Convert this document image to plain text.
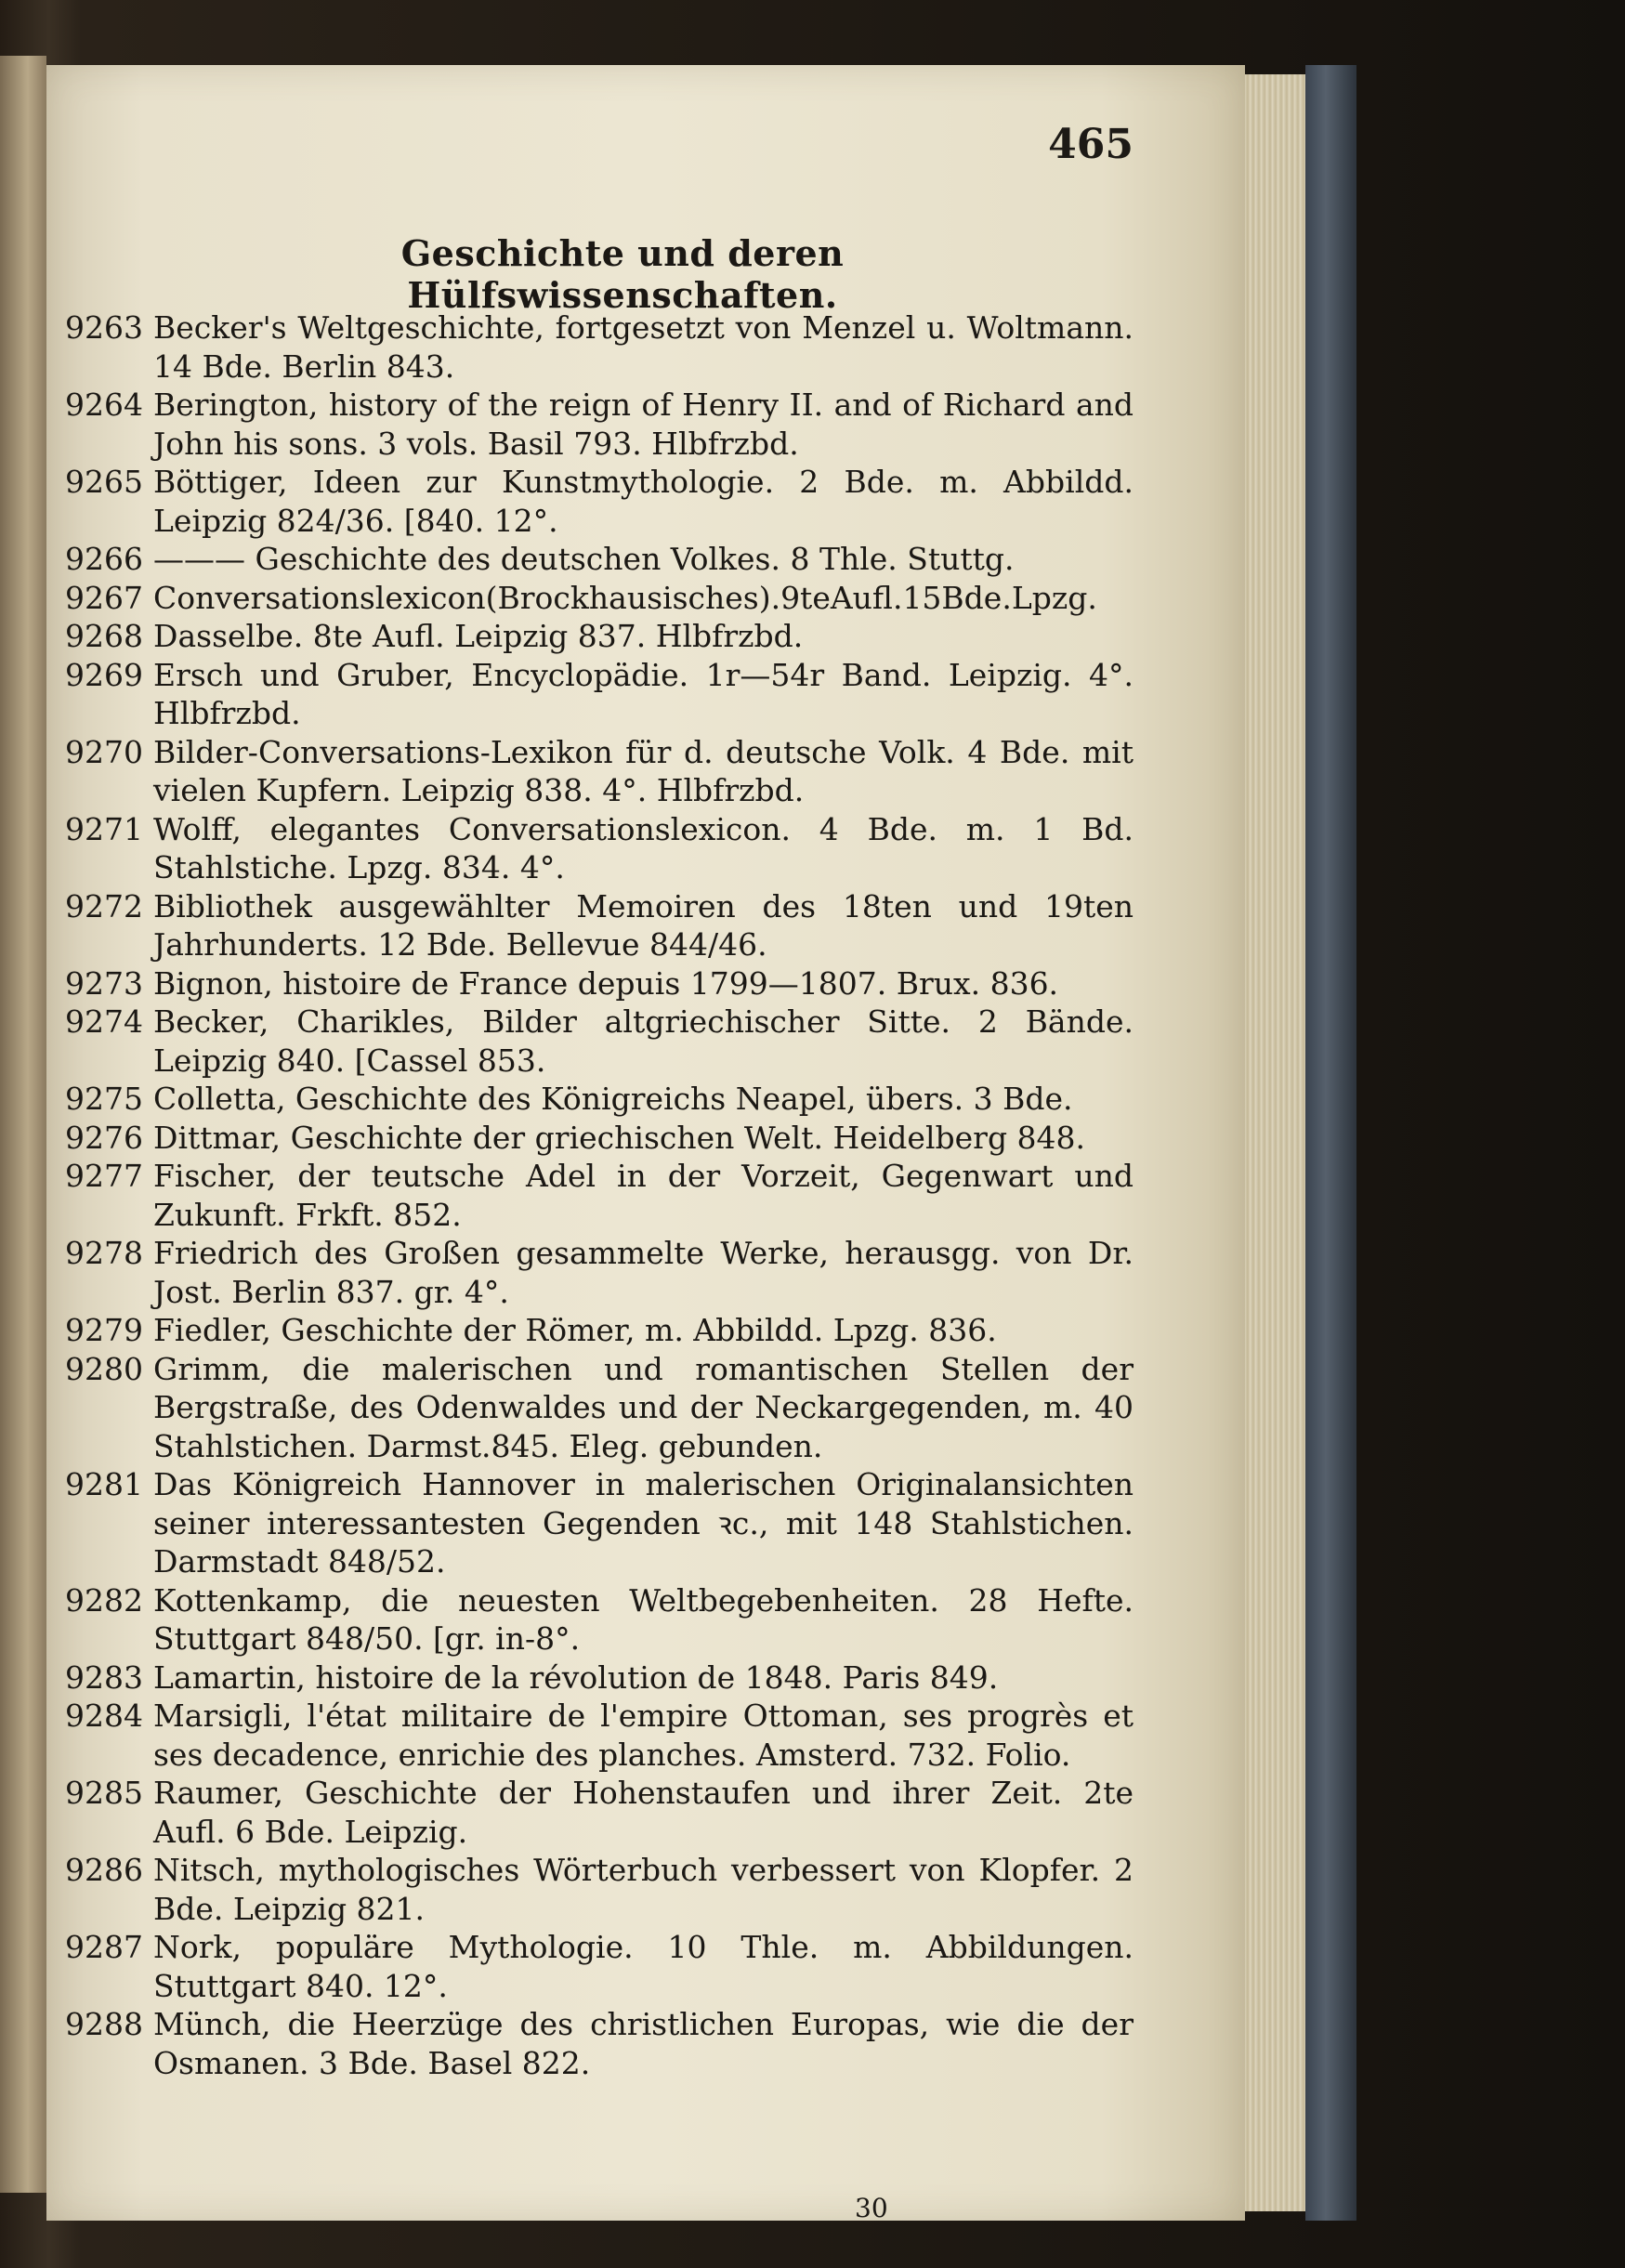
465
Geschichte und deren Hülfswissenschaften.
9263 Becker's Weltgeschichte, fortgesetzt von Menzel u. Woltmann. 14 Bde. Berlin 843.
9264 Berington, history of the reign of Henry II. and of Richard and John his sons. 3 vols. Basil 793. Hlbfrzbd.
9265 Böttiger, Ideen zur Kunstmythologie. 2 Bde. m. Abbildd. Leipzig 824/36. [840. 12°.
9266 ——— Geschichte des deutschen Volkes. 8 Thle. Stuttg.
9267 Conversationslexicon(Brockhausisches).9teAufl.15Bde.Lpzg.
9268 Dasselbe. 8te Aufl. Leipzig 837. Hlbfrzbd.
9269 Ersch und Gruber, Encyclopädie. 1r—54r Band. Leipzig. 4°. Hlbfrzbd.
9270 Bilder-Conversations-Lexikon für d. deutsche Volk. 4 Bde. mit vielen Kupfern. Leipzig 838. 4°. Hlbfrzbd.
9271 Wolff, elegantes Conversationslexicon. 4 Bde. m. 1 Bd. Stahlstiche. Lpzg. 834. 4°.
9272 Bibliothek ausgewählter Memoiren des 18ten und 19ten Jahrhunderts. 12 Bde. Bellevue 844/46.
9273 Bignon, histoire de France depuis 1799—1807. Brux. 836.
9274 Becker, Charikles, Bilder altgriechischer Sitte. 2 Bände. Leipzig 840. [Cassel 853.
9275 Colletta, Geschichte des Königreichs Neapel, übers. 3 Bde.
9276 Dittmar, Geschichte der griechischen Welt. Heidelberg 848.
9277 Fischer, der teutsche Adel in der Vorzeit, Gegenwart und Zukunft. Frkft. 852.
9278 Friedrich des Großen gesammelte Werke, herausgg. von Dr. Jost. Berlin 837. gr. 4°.
9279 Fiedler, Geschichte der Römer, m. Abbildd. Lpzg. 836.
9280 Grimm, die malerischen und romantischen Stellen der Bergstraße, des Odenwaldes und der Neckargegenden, m. 40 Stahlstichen. Darmst.845. Eleg. gebunden.
9281 Das Königreich Hannover in malerischen Originalansichten seiner interessantesten Gegenden ꝛc., mit 148 Stahlstichen. Darmstadt 848/52.
9282 Kottenkamp, die neuesten Weltbegebenheiten. 28 Hefte. Stuttgart 848/50. [gr. in-8°.
9283 Lamartin, histoire de la révolution de 1848. Paris 849.
9284 Marsigli, l'état militaire de l'empire Ottoman, ses progrès et ses decadence, enrichie des planches. Amsterd. 732. Folio.
9285 Raumer, Geschichte der Hohenstaufen und ihrer Zeit. 2te Aufl. 6 Bde. Leipzig.
9286 Nitsch, mythologisches Wörterbuch verbessert von Klopfer. 2 Bde. Leipzig 821.
9287 Nork, populäre Mythologie. 10 Thle. m. Abbildungen. Stuttgart 840. 12°.
9288 Münch, die Heerzüge des christlichen Europas, wie die der Osmanen. 3 Bde. Basel 822.
30
